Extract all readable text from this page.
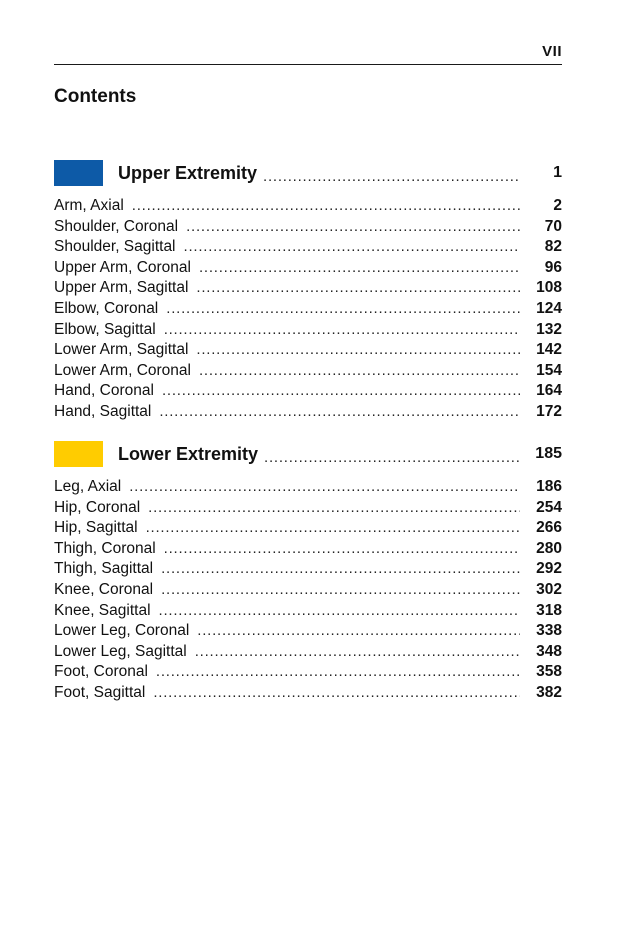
VII
Contents
Upper Extremity . . .	1
Arm, Axial . . .	2
Shoulder, Coronal . . .	70
Shoulder, Sagittal . . .	82
Upper Arm, Coronal . . .	96
Upper Arm, Sagittal . . .	108
Elbow, Coronal . . .	124
Elbow, Sagittal . . .	132
Lower Arm, Sagittal . . .	142
Lower Arm, Coronal . . .	154
Hand, Coronal . . .	164
Hand, Sagittal . . .	172
Lower Extremity . . .	185
Leg, Axial . . .	186
Hip, Coronal . . .	254
Hip, Sagittal . . .	266
Thigh, Coronal . . .	280
Thigh, Sagittal . . .	292
Knee, Coronal . . .	302
Knee, Sagittal . . .	318
Lower Leg, Coronal . . .	338
Lower Leg, Sagittal . . .	348
Foot, Coronal . . .	358
Foot, Sagittal . . .	382
